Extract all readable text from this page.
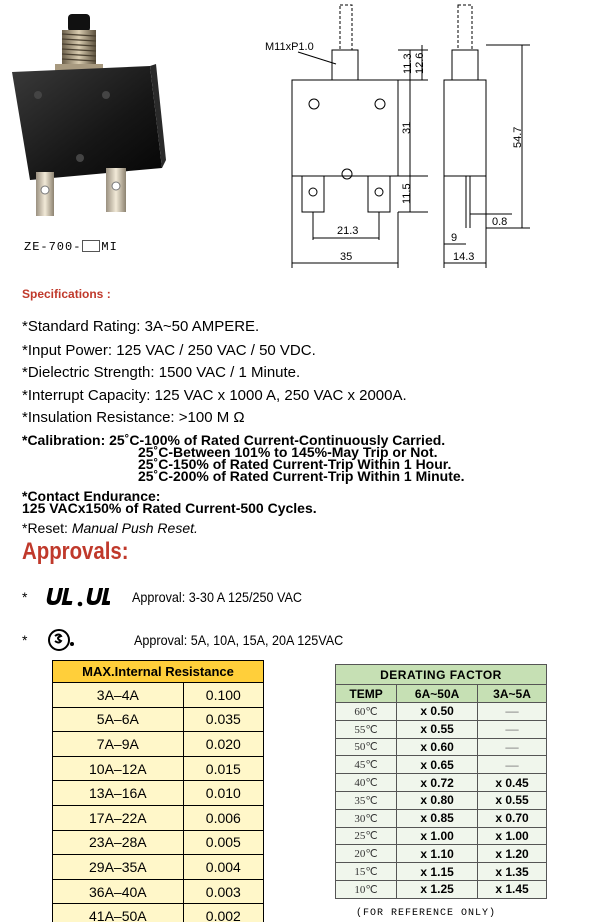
ZE-700- MI
M11xP1.0
11.3 12.6
31	54.7
11.5
0.8
21.3
35
9
14.3
Specifications :
*Standard Rating: 3A~50 AMPERE.
*Input Power: 125 VAC / 250 VAC / 50 VDC.
*Dielectric Strength: 1500 VAC / 1 Minute.
*Interrupt Capacity: 125 VAC x 1000 A, 250 VAC x 2000A.
*Insulation Resistance: >100 M Ω
*Calibration: 25˚C-100% of Rated Current-Continuously Carried.
25˚C-Between 101% to 145%-May Trip or Not.
25˚C-150% of Rated Current-Trip Within 1 Hour.
25˚C-200% of Rated Current-Trip Within 1 Minute.
*Contact Endurance:
125 VACx150% of Rated Current-500 Cycles.
*Reset: Manual Push Reset.
Approvals:
*	Approval: 3-30 A 125/250 VAC
*	Approval: 5A, 10A, 15A, 20A 125VAC
MAX.Internal Resistance	
3A–4A	0.100
5A–6A	0.035
7A–9A	0.020
10A–12A	0.015
13A–16A	0.010
17A–22A	0.006
23A–28A	0.005
29A–35A	0.004
36A–40A	0.003
41A–50A	0.002
DERATING FACTOR		
TEMP	6A~50A	3A~5A
60℃	x 0.50	––
55℃	x 0.55	––
50℃	x 0.60	––
45℃	x 0.65	––
40℃	x 0.72	x 0.45
35℃	x 0.80	x 0.55
30℃	x 0.85	x 0.70
25℃	x 1.00	x 1.00
20℃	x 1.10	x 1.20
15℃	x 1.15	x 1.35
10℃	x 1.25	x 1.45
(FOR REFERENCE ONLY)
